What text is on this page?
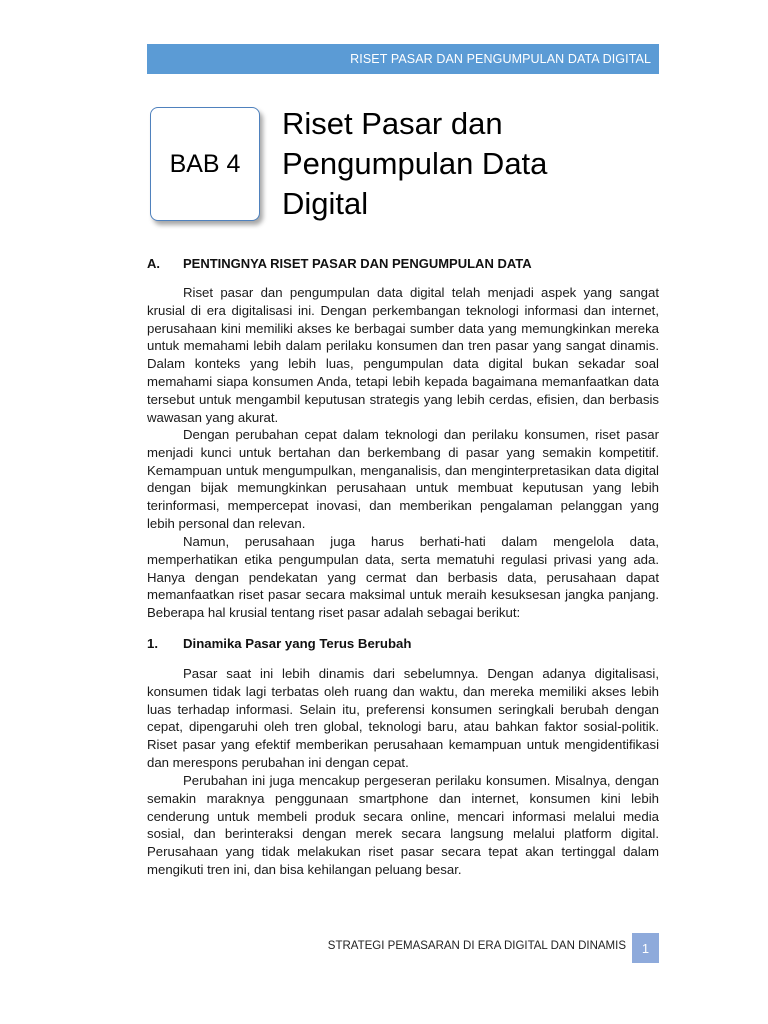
RISET PASAR DAN PENGUMPULAN DATA DIGITAL
BAB 4
Riset Pasar dan
Pengumpulan Data
Digital
A.	PENTINGNYA RISET PASAR DAN PENGUMPULAN DATA

Riset pasar dan pengumpulan data digital telah menjadi aspek yang sangat krusial di era digitalisasi ini. Dengan perkembangan teknologi informasi dan internet, perusahaan kini memiliki akses ke berbagai sumber data yang memungkinkan mereka untuk memahami lebih dalam perilaku konsumen dan tren pasar yang sangat dinamis. Dalam konteks yang lebih luas, pengumpulan data digital bukan sekadar soal memahami siapa konsumen Anda, tetapi lebih kepada bagaimana memanfaatkan data tersebut untuk mengambil keputusan strategis yang lebih cerdas, efisien, dan berbasis wawasan yang akurat.

Dengan perubahan cepat dalam teknologi dan perilaku konsumen, riset pasar menjadi kunci untuk bertahan dan berkembang di pasar yang semakin kompetitif. Kemampuan untuk mengumpulkan, menganalisis, dan menginterpretasikan data digital dengan bijak memungkinkan perusahaan untuk membuat keputusan yang lebih terinformasi, mempercepat inovasi, dan memberikan pengalaman pelanggan yang lebih personal dan relevan.

Namun, perusahaan juga harus berhati-hati dalam mengelola data, memperhatikan etika pengumpulan data, serta mematuhi regulasi privasi yang ada. Hanya dengan pendekatan yang cermat dan berbasis data, perusahaan dapat memanfaatkan riset pasar secara maksimal untuk meraih kesuksesan jangka panjang. Beberapa hal krusial tentang riset pasar adalah sebagai berikut:

1.	Dinamika Pasar yang Terus Berubah

Pasar saat ini lebih dinamis dari sebelumnya. Dengan adanya digitalisasi, konsumen tidak lagi terbatas oleh ruang dan waktu, dan mereka memiliki akses lebih luas terhadap informasi. Selain itu, preferensi konsumen seringkali berubah dengan cepat, dipengaruhi oleh tren global, teknologi baru, atau bahkan faktor sosial-politik. Riset pasar yang efektif memberikan perusahaan kemampuan untuk mengidentifikasi dan merespons perubahan ini dengan cepat.

Perubahan ini juga mencakup pergeseran perilaku konsumen. Misalnya, dengan semakin maraknya penggunaan smartphone dan internet, konsumen kini lebih cenderung untuk membeli produk secara online, mencari informasi melalui media sosial, dan berinteraksi dengan merek secara langsung melalui platform digital. Perusahaan yang tidak melakukan riset pasar secara tepat akan tertinggal dalam mengikuti tren ini, dan bisa kehilangan peluang besar.

STRATEGI PEMASARAN DI ERA DIGITAL DAN DINAMIS 1
